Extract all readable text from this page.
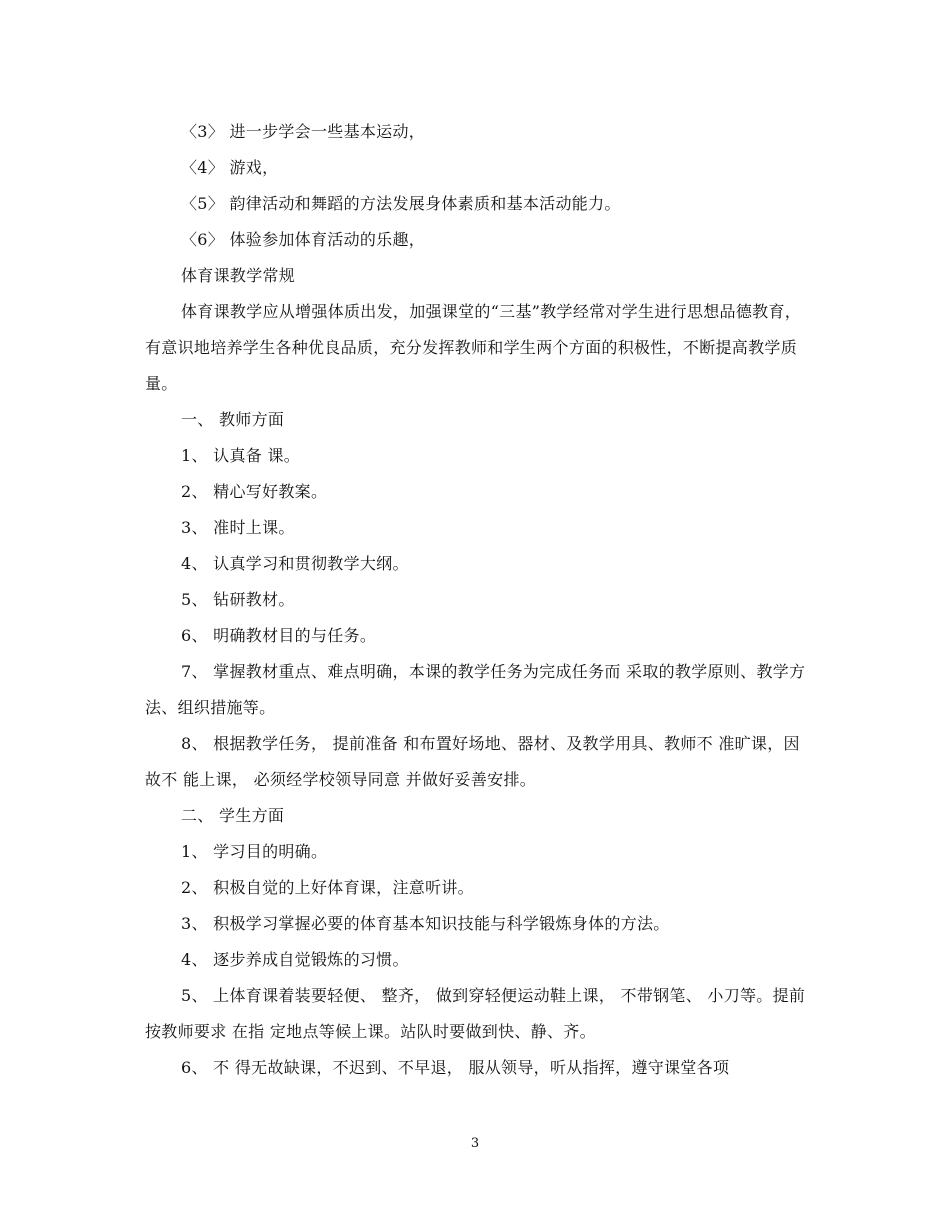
〈3〉 进一步学会一些基本运动，

〈4〉 游戏，

〈5〉 韵律活动和舞蹈的方法发展身体素质和基本活动能力。

〈6〉 体验参加体育活动的乐趣，

体育课教学常规

体育课教学应从增强体质出发，加强课堂的“三基”教学经常对学生进行思想品德教育，有意识地培养学生各种优良品质，充分发挥教师和学生两个方面的积极性，不断提高教学质量。

一、 教师方面

1、 认真备 课。

2、 精心写好教案。

3、 准时上课。

4、 认真学习和贯彻教学大纲。

5、 钻研教材。

6、 明确教材目的与任务。

7、 掌握教材重点、难点明确，本课的教学任务为完成任务而 采取的教学原则、教学方法、组织措施等。

8、 根据教学任务， 提前准备 和布置好场地、器材、及教学用具、教师不 准旷课，因故不 能上课， 必须经学校领导同意 并做好妥善安排。

二、 学生方面

1、 学习目的明确。

2、 积极自觉的上好体育课，注意听讲。

3、 积极学习掌握必要的体育基本知识技能与科学锻炼身体的方法。

4、 逐步养成自觉锻炼的习惯。

5、 上体育课着装要轻便、 整齐， 做到穿轻便运动鞋上课， 不带钢笔、 小刀等。提前按教师要求 在指 定地点等候上课。站队时要做到快、静、齐。

6、 不 得无故缺课，不迟到、不早退， 服从领导，听从指挥，遵守课堂各项

3
